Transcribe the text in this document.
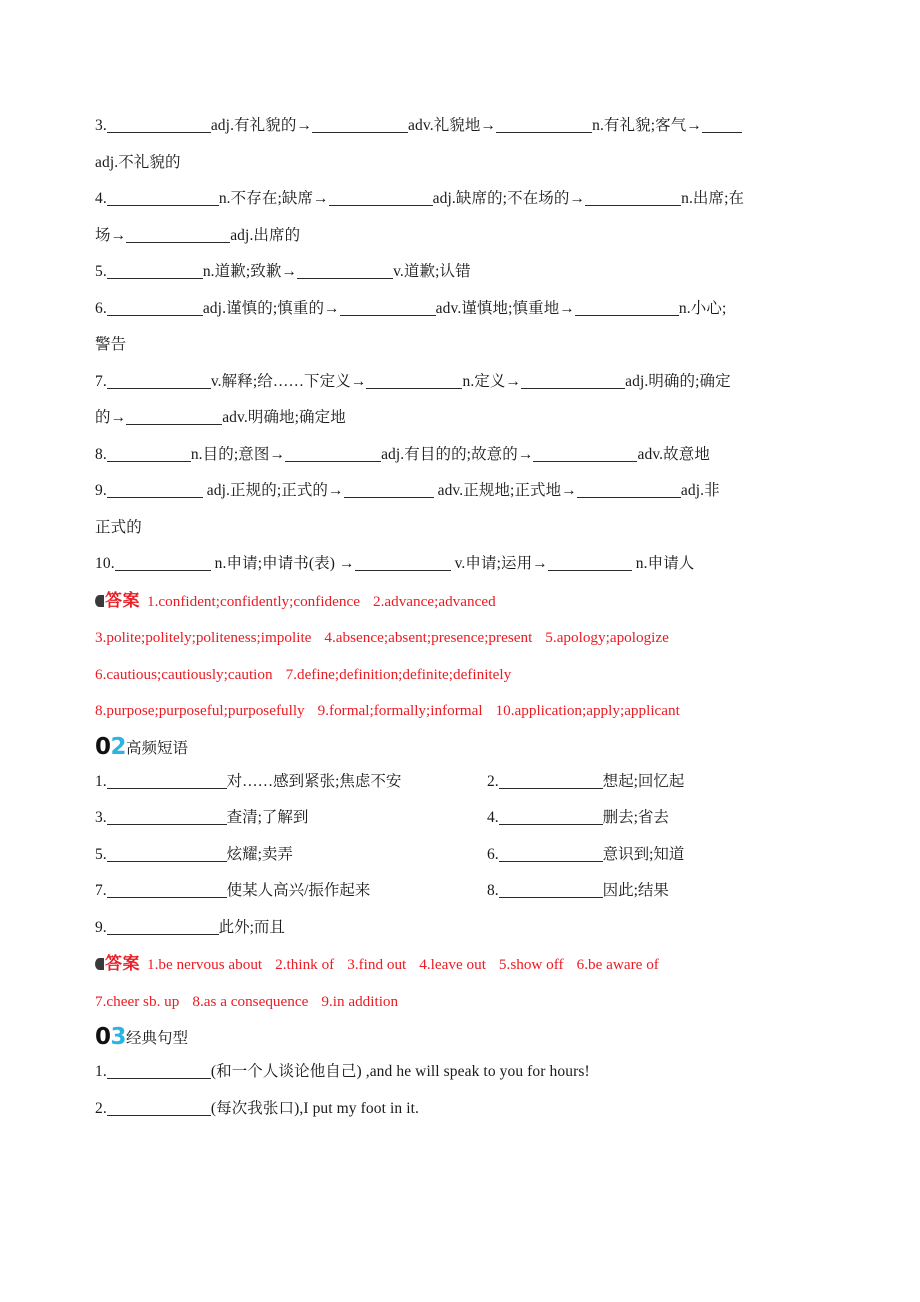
3.	adj.有礼貌的→	adv.礼貌地→	n.有礼貌;客气→
adj.不礼貌的
4.	n.不存在;缺席→	adj.缺席的;不在场的→	n.出席;在
场→	adj.出席的
5.	n.道歉;致歉→	v.道歉;认错
6.	adj.谨慎的;慎重的→	adv.谨慎地;慎重地→	n.小心;
警告
7.	v.解释;给……下定义→	n.定义→	adj.明确的;确定
的→	adv.明确地;确定地
8.	n.目的;意图→	adj.有目的的;故意的→	adv.故意地
9.	adj.正规的;正式的→	adv.正规地;正式地→	adj.非
正式的
10.	n.申请;申请书(表) →	v.申请;运用→	n.申请人
答案 1.confident;confidently;confidence 2.advance;advanced
3.polite;politely;politeness;impolite 4.absence;absent;presence;present 5.apology;apologize
6.cautious;cautiously;caution 7.define;definition;definite;definitely
8.purpose;purposeful;purposefully 9.formal;formally;informal 10.application;apply;applicant
02高频短语
1. 对……感到紧张;焦虑不安	2. 想起;回忆起
3. 查清;了解到	4. 删去;省去
5. 炫耀;卖弄	6. 意识到;知道
7. 使某人高兴/振作起来	8. 因此;结果
9. 此外;而且	
答案 1.be nervous about 2.think of 3.find out 4.leave out 5.show off 6.be aware of
7.cheer sb. up 8.as a consequence 9.in addition
03经典句型
1.	(和一个人谈论他自己) ,and he will speak to you for hours!
2.	(每次我张口),I put my foot in it.
